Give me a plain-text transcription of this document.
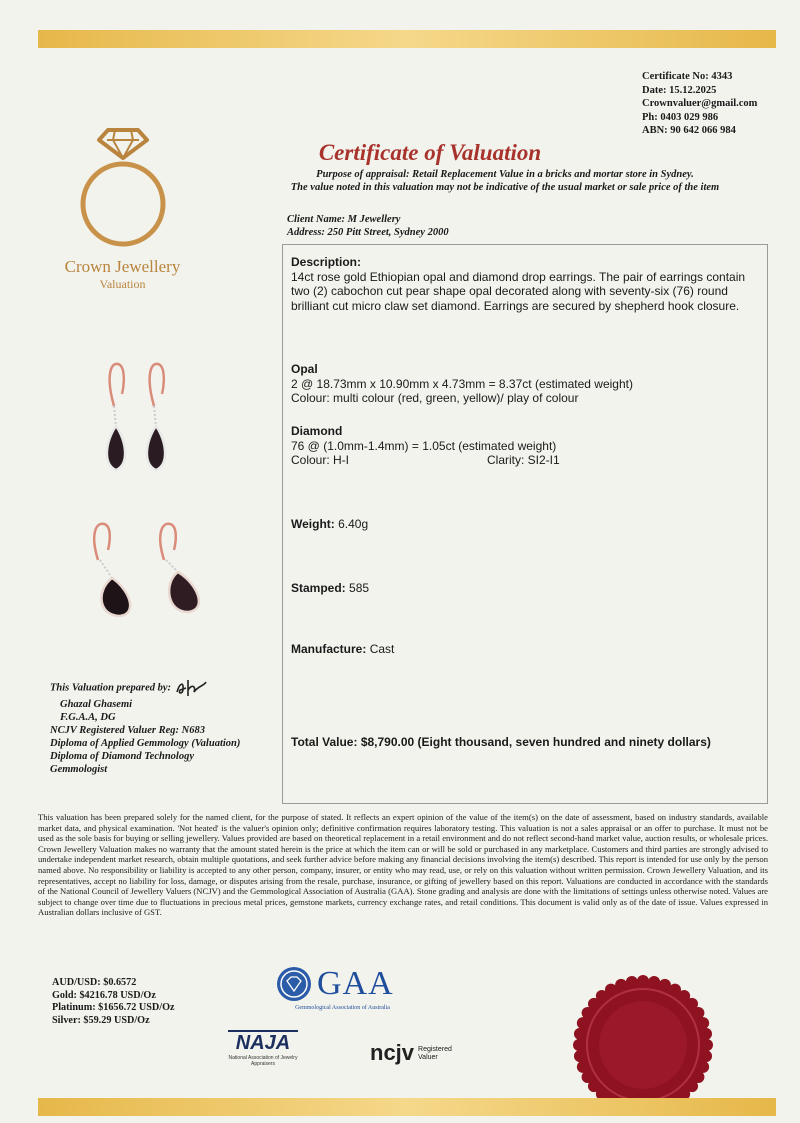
Certificate No: 4343
Date: 15.12.2025
Crownvaluer@gmail.com
Ph: 0403 029 986
ABN: 90 642 066 984
Crown Jewellery
Valuation
Certificate of Valuation
Purpose of appraisal: Retail Replacement Value in a bricks and mortar store in Sydney.
The value noted in this valuation may not be indicative of the usual market or sale price of the item
Client Name: M Jewellery
Address: 250 Pitt Street, Sydney 2000
Description:
14ct rose gold Ethiopian opal and diamond drop earrings. The pair of earrings contain two (2) cabochon cut pear shape opal decorated along with seventy-six (76) round brilliant cut micro claw set diamond. Earrings are secured by shepherd hook closure.
Opal
2 @ 18.73mm x 10.90mm x 4.73mm = 8.37ct (estimated weight)
Colour: multi colour (red, green, yellow)/ play of colour
Diamond
76 @ (1.0mm-1.4mm) = 1.05ct (estimated weight)
Colour: H-I	Clarity: SI2-I1
Weight: 6.40g
Stamped: 585
Manufacture: Cast
Total Value: $8,790.00 (Eight thousand, seven hundred and ninety dollars)
This Valuation prepared by:
Ghazal Ghasemi
F.G.A.A, DG
NCJV Registered Valuer Reg: N683
Diploma of Applied Gemmology (Valuation)
Diploma of Diamond Technology
Gemmologist
This valuation has been prepared solely for the named client, for the purpose of stated. It reflects an expert opinion of the value of the item(s) on the date of assessment, based on industry standards, available market data, and physical examination. 'Not heated' is the valuer's opinion only; definitive confirmation requires laboratory testing. This valuation is not a sales appraisal or an offer to purchase. It must not be used as the sole basis for buying or selling jewellery. Values provided are based on theoretical replacement in a retail environment and do not reflect second-hand market value, auction results, or wholesale prices. Crown Jewellery Valuation makes no warranty that the amount stated herein is the price at which the item can or will be sold or purchased in any marketplace. Customers and third parties are strongly advised to undertake independent market research, obtain multiple quotations, and seek further advice before making any financial decisions involving the item(s) described. This report is intended for use only by the person named above. No responsibility or liability is accepted to any other person, company, insurer, or entity who may read, use, or rely on this valuation without written permission. Crown Jewellery Valuation, and its representatives, accept no liability for loss, damage, or disputes arising from the resale, purchase, insurance, or gifting of jewellery based on this report. Valuations are conducted in accordance with the standards of the National Council of Jewellery Valuers (NCJV) and the Gemmological Association of Australia (GAA). Stone grading and analysis are done with the limitations of settings unless otherwise noted. Values are subject to change over time due to fluctuations in precious metal prices, gemstone markets, currency exchange rates, and retail conditions. This document is valid only as of the date of issue. Values expressed in Australian dollars inclusive of GST.
AUD/USD: $0.6572
Gold: $4216.78 USD/Oz
Platinum: $1656.72 USD/Oz
Silver: $59.29 USD/Oz
GAA
Gemmological Association of Australia
NAJA
National Association of Jewelry Appraisers	ncjv Registered
Valuer
